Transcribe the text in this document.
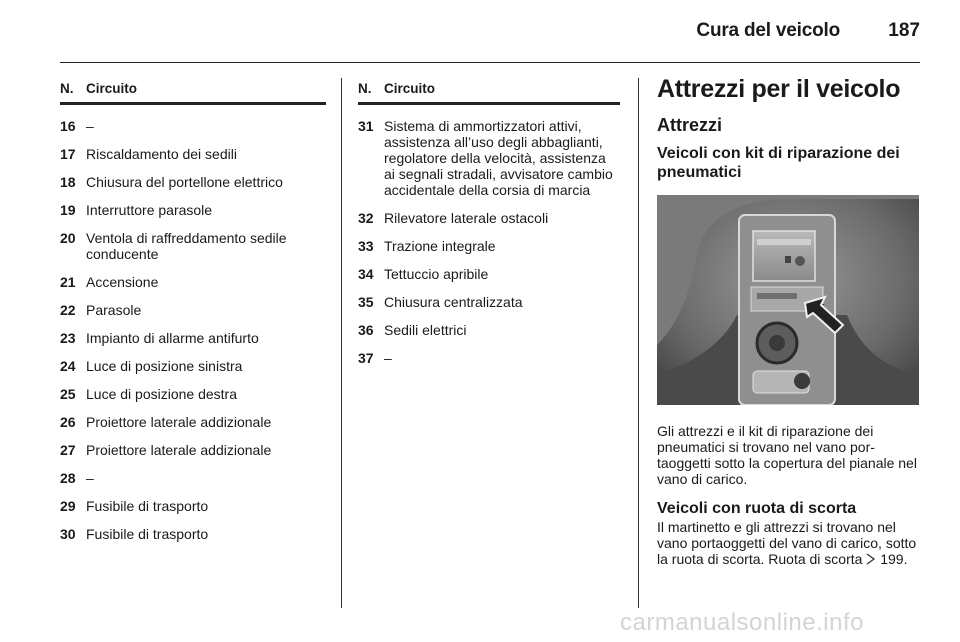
Cura del veicolo	187
N. Circuito
16 –
17 Riscaldamento dei sedili
18 Chiusura del portellone elettrico
19 Interruttore parasole
20 Ventola di raffreddamento sedile conducente
21 Accensione
22 Parasole
23 Impianto di allarme antifurto
24 Luce di posizione sinistra
25 Luce di posizione destra
26 Proiettore laterale addizionale
27 Proiettore laterale addizionale
28 –
29 Fusibile di trasporto
30 Fusibile di trasporto
N. Circuito
31 Sistema di ammortizzatori attivi, assistenza all’uso degli abbaglianti, regolatore della velocità, assistenza ai segnali stradali, avvisatore cambio accidentale della corsia di marcia
32 Rilevatore laterale ostacoli
33 Trazione integrale
34 Tettuccio apribile
35 Chiusura centralizzata
36 Sedili elettrici
37 –
Attrezzi per il veicolo
Attrezzi
Veicoli con kit di riparazione dei pneumatici
Gli attrezzi e il kit di riparazione dei pneumatici si trovano nel vano portaoggetti sotto la copertura del pianale nel vano di carico.
Veicoli con ruota di scorta
Il martinetto e gli attrezzi si trovano nel vano portaoggetti del vano di carico, sotto la ruota di scorta. Ruota di scorta 199.
carmanualsonline.info
